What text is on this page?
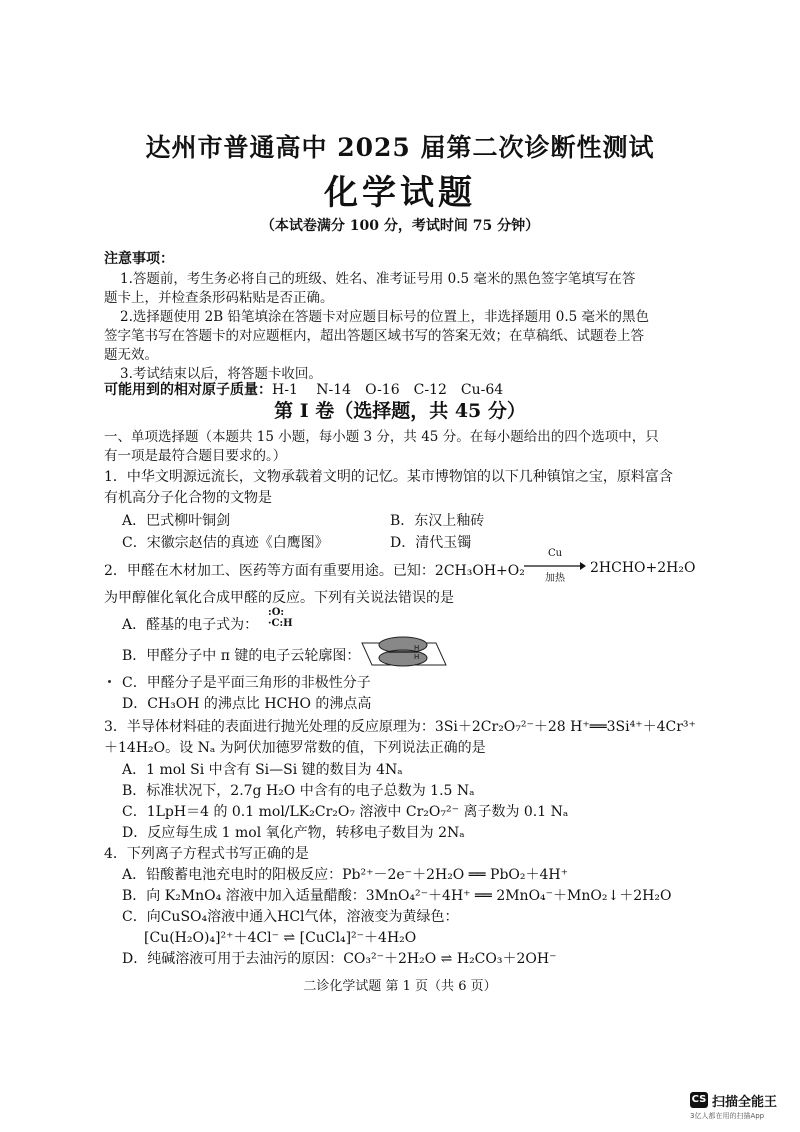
达州市普通高中 2025 届第二次诊断性测试
化学试题
（本试卷满分 100 分，考试时间 75 分钟）
注意事项：
1.答题前，考生务必将自己的班级、姓名、准考证号用 0.5 毫米的黑色签字笔填写在答
题卡上，并检查条形码粘贴是否正确。
2.选择题使用 2B 铅笔填涂在答题卡对应题目标号的位置上，非选择题用 0.5 毫米的黑色
签字笔书写在答题卡的对应题框内，超出答题区域书写的答案无效；在草稿纸、试题卷上答
题无效。
3.考试结束以后，将答题卡收回。
可能用到的相对原子质量：H-1　 N-14　O-16　C-12　Cu-64
第 I 卷（选择题，共 45 分）
一、单项选择题（本题共 15 小题，每小题 3 分，共 45 分。在每小题给出的四个选项中，只
有一项是最符合题目要求的。）
1．中华文明源远流长，文物承载着文明的记忆。某市博物馆的以下几种镇馆之宝，原料富含
有机高分子化合物的文物是
A．巴式柳叶铜剑	B．东汉上釉砖
C．宋徽宗赵佶的真迹《白鹰图》	D．清代玉镯
2．甲醛在木材加工、医药等方面有重要用途。已知：2CH₃OH+O₂
Cu
加热
2HCHO+2H₂O
为甲醇催化氧化合成甲醛的反应。下列有关说法错误的是
A．醛基的电子式为：
:O:
·C:H
B．甲醛分子中 π 键的电子云轮廓图：	H
H
C．甲醛分子是平面三角形的非极性分子
D．CH₃OH 的沸点比 HCHO 的沸点高
3．半导体材料硅的表面进行抛光处理的反应原理为：3Si＋2Cr₂O₇²⁻＋28 H⁺══3Si⁴⁺＋4Cr³⁺
＋14H₂O。设 Nₐ 为阿伏加德罗常数的值，下列说法正确的是
A．1 mol Si 中含有 Si—Si 键的数目为 4Nₐ
B．标准状况下，2.7g H₂O 中含有的电子总数为 1.5 Nₐ
C．1LpH＝4 的 0.1 mol/LK₂Cr₂O₇ 溶液中 Cr₂O₇²⁻ 离子数为 0.1 Nₐ
D．反应每生成 1 mol 氧化产物，转移电子数目为 2Nₐ
4．下列离子方程式书写正确的是
A．铅酸蓄电池充电时的阳极反应：Pb²⁺－2e⁻＋2H₂O ══ PbO₂＋4H⁺
B．向 K₂MnO₄ 溶液中加入适量醋酸：3MnO₄²⁻＋4H⁺ ══ 2MnO₄⁻＋MnO₂↓＋2H₂O
C．向CuSO₄溶液中通入HCl气体，溶液变为黄绿色：
[Cu(H₂O)₄]²⁺＋4Cl⁻ ⇌ [CuCl₄]²⁻＋4H₂O
D．纯碱溶液可用于去油污的原因：CO₃²⁻＋2H₂O ⇌ H₂CO₃＋2OH⁻
二诊化学试题 第 1 页（共 6 页）
CS 扫描全能王
3亿人都在用的扫描App
